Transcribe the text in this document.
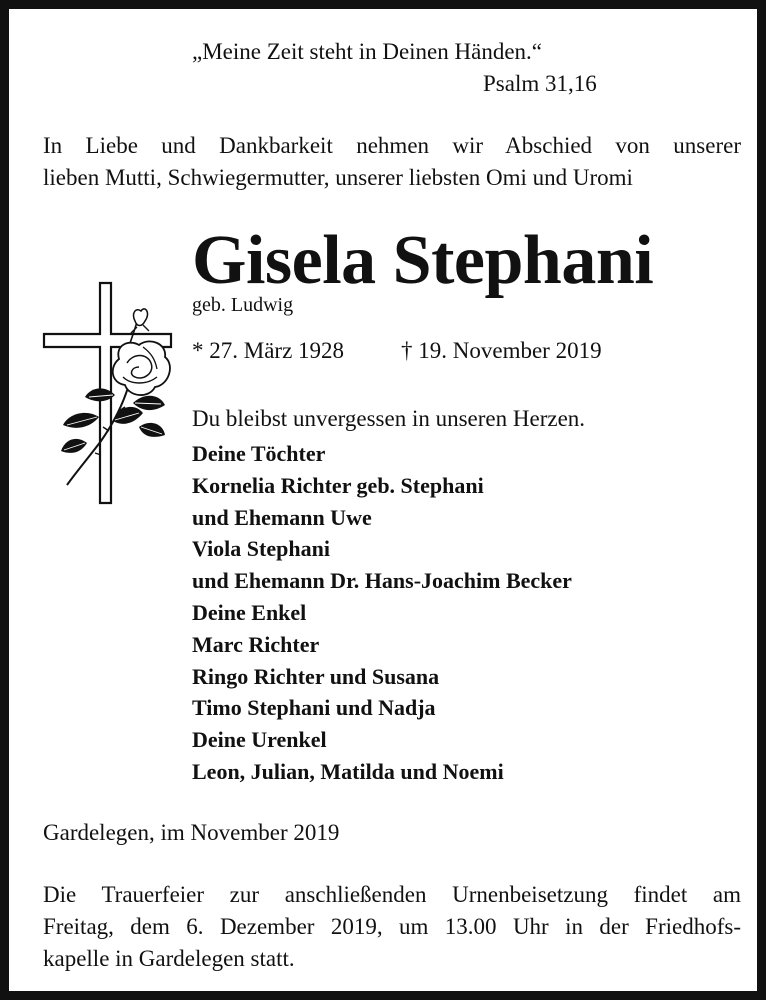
„Meine Zeit steht in Deinen Händen.“
Psalm 31,16
In Liebe und Dankbarkeit nehmen wir Abschied von unserer
lieben Mutti, Schwiegermutter, unserer liebsten Omi und Uromi
Gisela Stephani
geb. Ludwig
* 27. März 1928 † 19. November 2019
Du bleibst unvergessen in unseren Herzen.
Deine Töchter
Kornelia Richter geb. Stephani
und Ehemann Uwe
Viola Stephani
und Ehemann Dr. Hans-Joachim Becker
Deine Enkel
Marc Richter
Ringo Richter und Susana
Timo Stephani und Nadja
Deine Urenkel
Leon, Julian, Matilda und Noemi
Gardelegen, im November 2019
Die Trauerfeier zur anschließenden Urnenbeisetzung findet am
Freitag, dem 6. Dezember 2019, um 13.00 Uhr in der Friedhofs-
kapelle in Gardelegen statt.
